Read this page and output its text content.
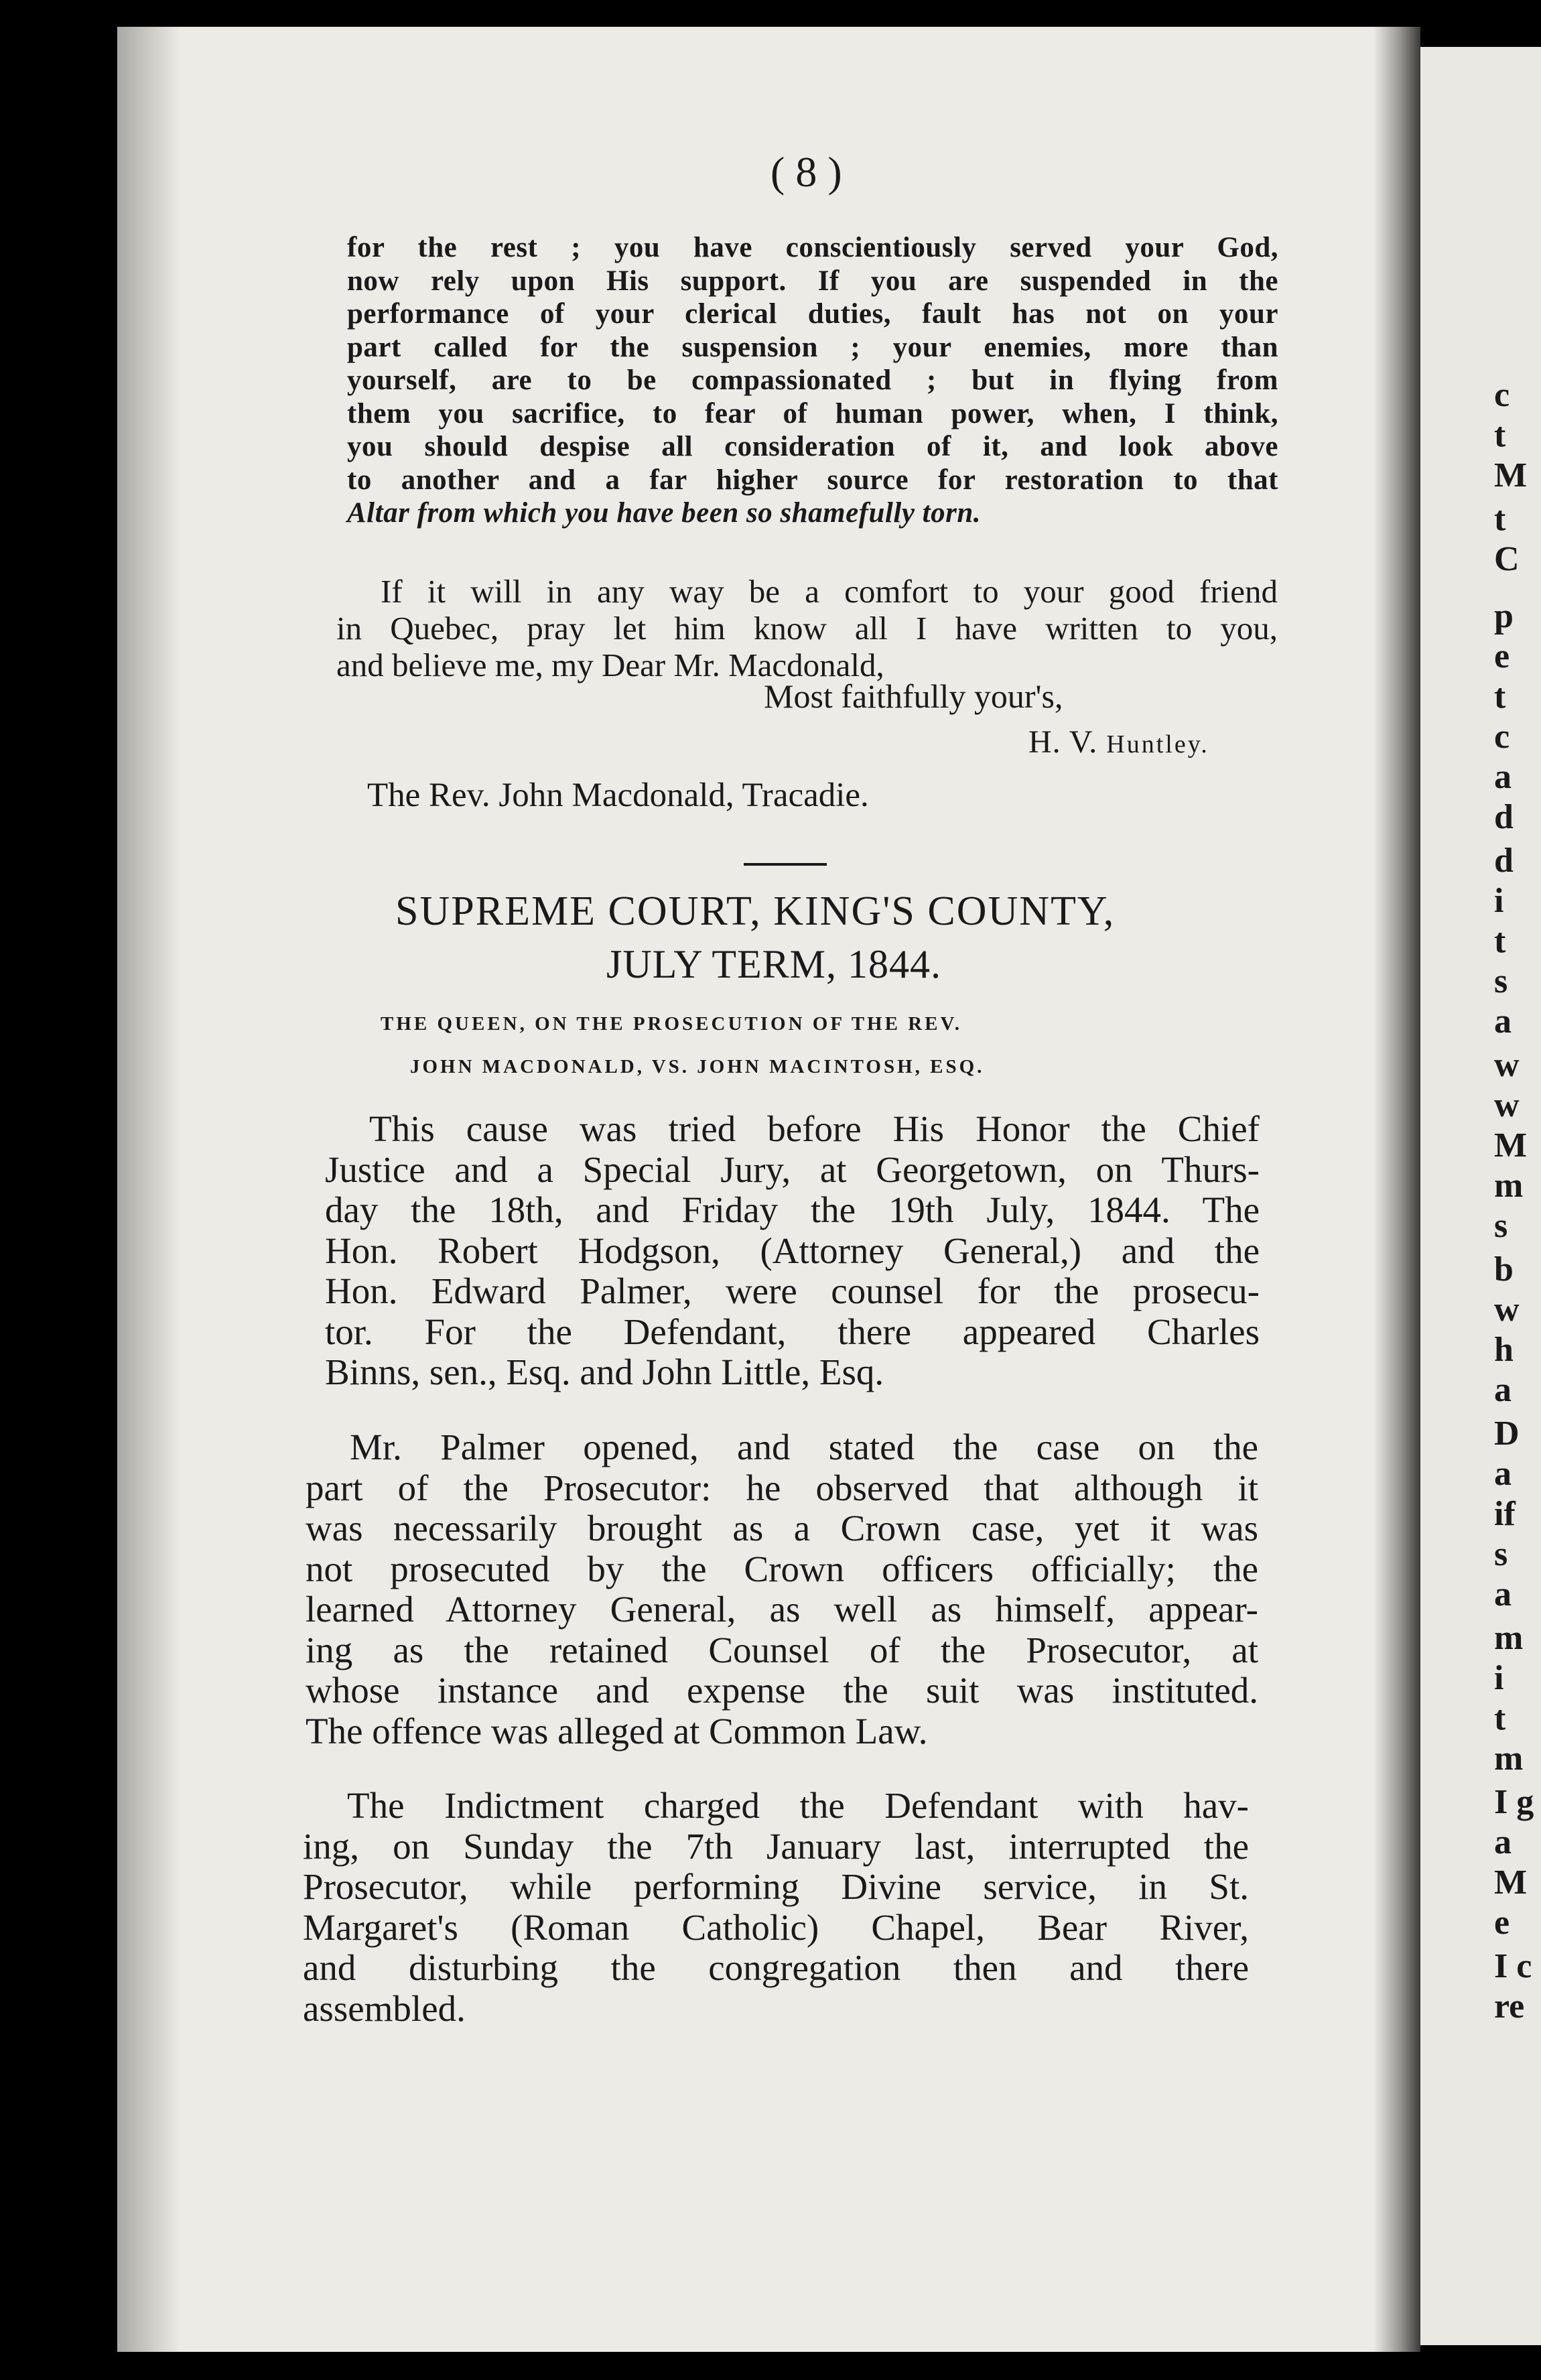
( 8 )
for the rest ; you have conscientiously served your God,
now rely upon His support. If you are suspended in the
performance of your clerical duties, fault has not on your
part called for the suspension ; your enemies, more than
yourself, are to be compassionated ; but in flying from
them you sacrifice, to fear of human power, when, I think,
you should despise all consideration of it, and look above
to another and a far higher source for restoration to that
Altar from which you have been so shamefully torn.
If it will in any way be a comfort to your good friend
in Quebec, pray let him know all I have written to you,
and believe me, my Dear Mr. Macdonald,
Most faithfully your's,
H. V. Huntley.
The Rev. John Macdonald, Tracadie.
SUPREME COURT, KING'S COUNTY,
JULY TERM, 1844.
THE QUEEN, ON THE PROSECUTION OF THE REV.
JOHN MACDONALD, VS. JOHN MACINTOSH, ESQ.
This cause was tried before His Honor the Chief
Justice and a Special Jury, at Georgetown, on Thurs-
day the 18th, and Friday the 19th July, 1844. The
Hon. Robert Hodgson, (Attorney General,) and the
Hon. Edward Palmer, were counsel for the prosecu-
tor. For the Defendant, there appeared Charles
Binns, sen., Esq. and John Little, Esq.
Mr. Palmer opened, and stated the case on the
part of the Prosecutor: he observed that although it
was necessarily brought as a Crown case, yet it was
not prosecuted by the Crown officers officially; the
learned Attorney General, as well as himself, appear-
ing as the retained Counsel of the Prosecutor, at
whose instance and expense the suit was instituted.
The offence was alleged at Common Law.
The Indictment charged the Defendant with hav-
ing, on Sunday the 7th January last, interrupted the
Prosecutor, while performing Divine service, in St.
Margaret's (Roman Catholic) Chapel, Bear River,
and disturbing the congregation then and there
assembled.
c
t
M
t
C
p
e
t
c
a
d
d
i
t
s
a
w
w
M
m
s
b
w
h
a
D
a
if
s
a
m
i
t
m
I g
a
M
e
I c
re
